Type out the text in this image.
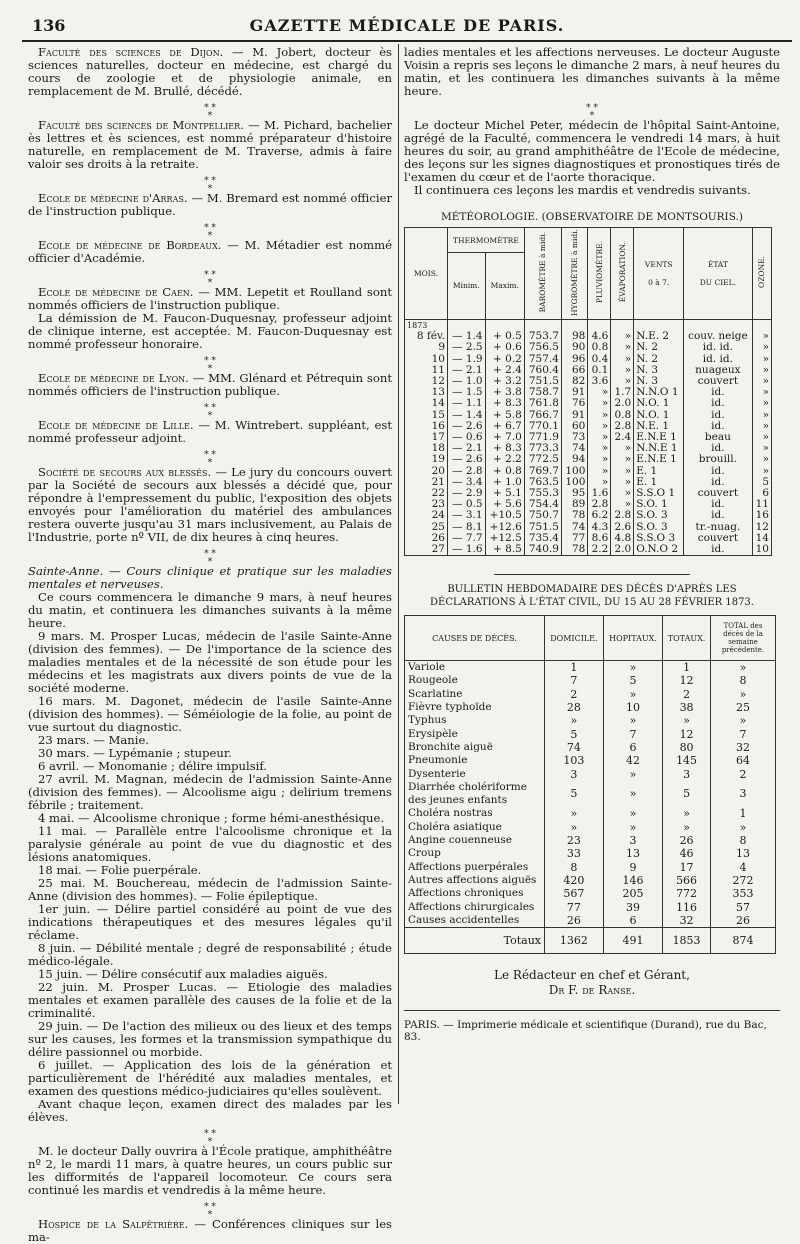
136	GAZETTE MÉDICALE DE PARIS.

Faculté des sciences de Dijon. — M. Jobert, docteur ès sciences naturelles, docteur en médecine, est chargé du cours de zoologie et de physiologie animale, en remplacement de M. Brullé, décédé.

⁎ ⁎
⁎

Faculté des sciences de Montpellier. — M. Pichard, bachelier ès lettres et ès sciences, est nommé préparateur d'histoire naturelle, en remplacement de M. Traverse, admis à faire valoir ses droits à la retraite.

⁎ ⁎
⁎

Ecole de médecine d'Arras. — M. Bremard est nommé officier de l'instruction publique.

⁎ ⁎
⁎

Ecole de médecine de Bordeaux. — M. Métadier est nommé officier d'Académie.

⁎ ⁎
⁎

Ecole de médecine de Caen. — MM. Lepetit et Roulland sont nommés officiers de l'instruction publique.

La démission de M. Faucon-Duquesnay, professeur adjoint de clinique interne, est acceptée. M. Faucon-Duquesnay est nommé professeur honoraire.

⁎ ⁎
⁎

Ecole de médecine de Lyon. — MM. Glénard et Pétrequin sont nommés officiers de l'instruction publique.

⁎ ⁎
⁎

Ecole de médecine de Lille. — M. Wintrebert. suppléant, est nommé professeur adjoint.

⁎ ⁎
⁎

Société de secours aux blessés. — Le jury du concours ouvert par la Société de secours aux blessés a décidé que, pour répondre à l'empressement du public, l'exposition des objets envoyés pour l'amélioration du matériel des ambulances restera ouverte jusqu'au 31 mars inclusivement, au Palais de l'Industrie, porte nº VII, de dix heures à cinq heures.

⁎ ⁎
⁎

Sainte-Anne. — Cours clinique et pratique sur les maladies mentales et nerveuses.

Ce cours commencera le dimanche 9 mars, à neuf heures du matin, et continuera les dimanches suivants à la même heure.

9 mars. M. Prosper Lucas, médecin de l'asile Sainte-Anne (division des femmes). — De l'importance de la science des maladies mentales et de la nécessité de son étude pour les médecins et les magistrats aux divers points de vue de la société moderne.

16 mars. M. Dagonet, médecin de l'asile Sainte-Anne (division des hommes). — Séméiologie de la folie, au point de vue surtout du diagnostic.

23 mars. — Manie.

30 mars. — Lypémanie ; stupeur.

6 avril. — Monomanie ; délire impulsif.

27 avril. M. Magnan, médecin de l'admission Sainte-Anne (division des femmes). — Alcoolisme aigu ; delirium tremens fébrile ; traitement.

4 mai. — Alcoolisme chronique ; forme hémi-anesthésique.

11 mai. — Parallèle entre l'alcoolisme chronique et la paralysie générale au point de vue du diagnostic et des lésions anatomiques.

18 mai. — Folie puerpérale.

25 mai. M. Bouchereau, médecin de l'admission Sainte-Anne (division des hommes). — Folie épileptique.

1er juin. — Délire partiel considéré au point de vue des indications thérapeutiques et des mesures légales qu'il réclame.

8 juin. — Débilité mentale ; degré de responsabilité ; étude médico-légale.

15 juin. — Délire consécutif aux maladies aiguës.

22 juin. M. Prosper Lucas. — Etiologie des maladies mentales et examen parallèle des causes de la folie et de la criminalité.

29 juin. — De l'action des milieux ou des lieux et des temps sur les causes, les formes et la transmission sympathique du délire passionnel ou morbide.

6 juillet. — Application des lois de la génération et particulièrement de l'hérédité aux maladies mentales, et examen des questions médico-judiciaires qu'elles soulèvent.

Avant chaque leçon, examen direct des malades par les élèves.

⁎ ⁎
⁎

M. le docteur Dally ouvrira à l'École pratique, amphithéâtre nº 2, le mardi 11 mars, à quatre heures, un cours public sur les difformités de l'appareil locomoteur. Ce cours sera continué les mardis et vendredis à la même heure.

⁎ ⁎
⁎

Hospice de la Salpêtrière. — Conférences cliniques sur les ma-

ladies mentales et les affections nerveuses. Le docteur Auguste Voisin a repris ses leçons le dimanche 2 mars, à neuf heures du matin, et les continuera les dimanches suivants à la même heure.

⁎ ⁎
⁎

Le docteur Michel Peter, médecin de l'hôpital Saint-Antoine, agrégé de la Faculté, commencera le vendredi 14 mars, à huit heures du soir, au grand amphithéâtre de l'Ecole de médecine, des leçons sur les signes diagnostiques et pronostiques tirés de l'examen du cœur et de l'aorte thoracique.

Il continuera ces leçons les mardis et vendredis suivants.

MÉTÉOROLOGIE. (OBSERVATOIRE DE MONTSOURIS.)
MOIS.	THERMOMÈTRE		BAROMÈTRE à midi.	HYGROMÈTRE à midi.	PLUVIOMÈTRE.	ÉVAPORATION.	VENTS

0 à 7.	ÉTAT

DU CIEL.	OZONE.
	Minim.	Maxim.							
1873									
8 fév.	— 1.4	+ 0.5	753.7	98	4.6	»	N.E. 2	couv. neige	»
9	— 2.5	+ 0.6	756.5	90	0.8	»	N. 2	id. id.	»
10	— 1.9	+ 0.2	757.4	96	0.4	»	N. 2	id. id.	»
11	— 2.1	+ 2.4	760.4	66	0.1	»	N. 3	nuageux	»
12	— 1.0	+ 3.2	751.5	82	3.6	»	N. 3	couvert	»
13	— 1.5	+ 3.8	758.7	91	»	1.7	N.N.O 1	id.	»
14	— 1.1	+ 8.3	761.8	76	»	2.0	N.O. 1	id.	»
15	— 1.4	+ 5.8	766.7	91	»	0.8	N.O. 1	id.	»
16	— 2.6	+ 6.7	770.1	60	»	2.8	N.E. 1	id.	»
17	— 0.6	+ 7.0	771.9	73	»	2.4	E.N.E 1	beau	»
18	— 2.1	+ 8.3	773.3	74	»	»	N.N.E 1	id.	»
19	— 2.6	+ 2.2	772.5	94	»	»	E.N.E 1	brouill.	»
20	— 2.8	+ 0.8	769.7	100	»	»	E. 1	id.	»
21	— 3.4	+ 1.0	763.5	100	»	»	E. 1	id.	5
22	— 2.9	+ 5.1	755.3	95	1.6	»	S.S.O 1	couvert	6
23	— 0.5	+ 5.6	754.4	89	2.8	»	S.O. 1	id.	11
24	— 3.1	+10.5	750.7	78	6.2	2.8	S.O. 3	id.	16
25	— 8.1	+12.6	751.5	74	4.3	2.6	S.O. 3	tr.-nuag.	12
26	— 7.7	+12.5	735.4	77	8.6	4.8	S.S.O 3	couvert	14
27	— 1.6	+ 8.5	740.9	78	2.2	2.0	O.N.O 2	id.	10
BULLETIN HEBDOMADAIRE DES DÉCÈS D'APRÈS LES DÉCLARATIONS À L'ÉTAT CIVIL, DU 15 AU 28 FÉVRIER 1873.
CAUSES DE DÉCÈS.	DOMICILE.	HOPITAUX.	TOTAUX.	TOTAL des décès de la semaine précédente.
Variole	1	»	1	»
Rougeole	7	5	12	8
Scarlatine	2	»	2	»
Fièvre typhoïde	28	10	38	25
Typhus	»	»	»	»
Erysipèle	5	7	12	7
Bronchite aiguë	74	6	80	32
Pneumonie	103	42	145	64
Dysenterie	3	»	3	2
Diarrhée cholériforme des jeunes enfants	5	»	5	3
Choléra nostras	»	»	»	1
Choléra asiatique	»	»	»	»
Angine couenneuse	23	3	26	8
Croup	33	13	46	13
Affections puerpérales	8	9	17	4
Autres affections aiguës	420	146	566	272
Affections chroniques	567	205	772	353
Affections chirurgicales	77	39	116	57
Causes accidentelles	26	6	32	26
Totaux	1362	491	1853	874
Le Rédacteur en chef et Gérant,
Dr F. de Ranse.
PARIS. — Imprimerie médicale et scientifique (Durand), rue du Bac, 83.
